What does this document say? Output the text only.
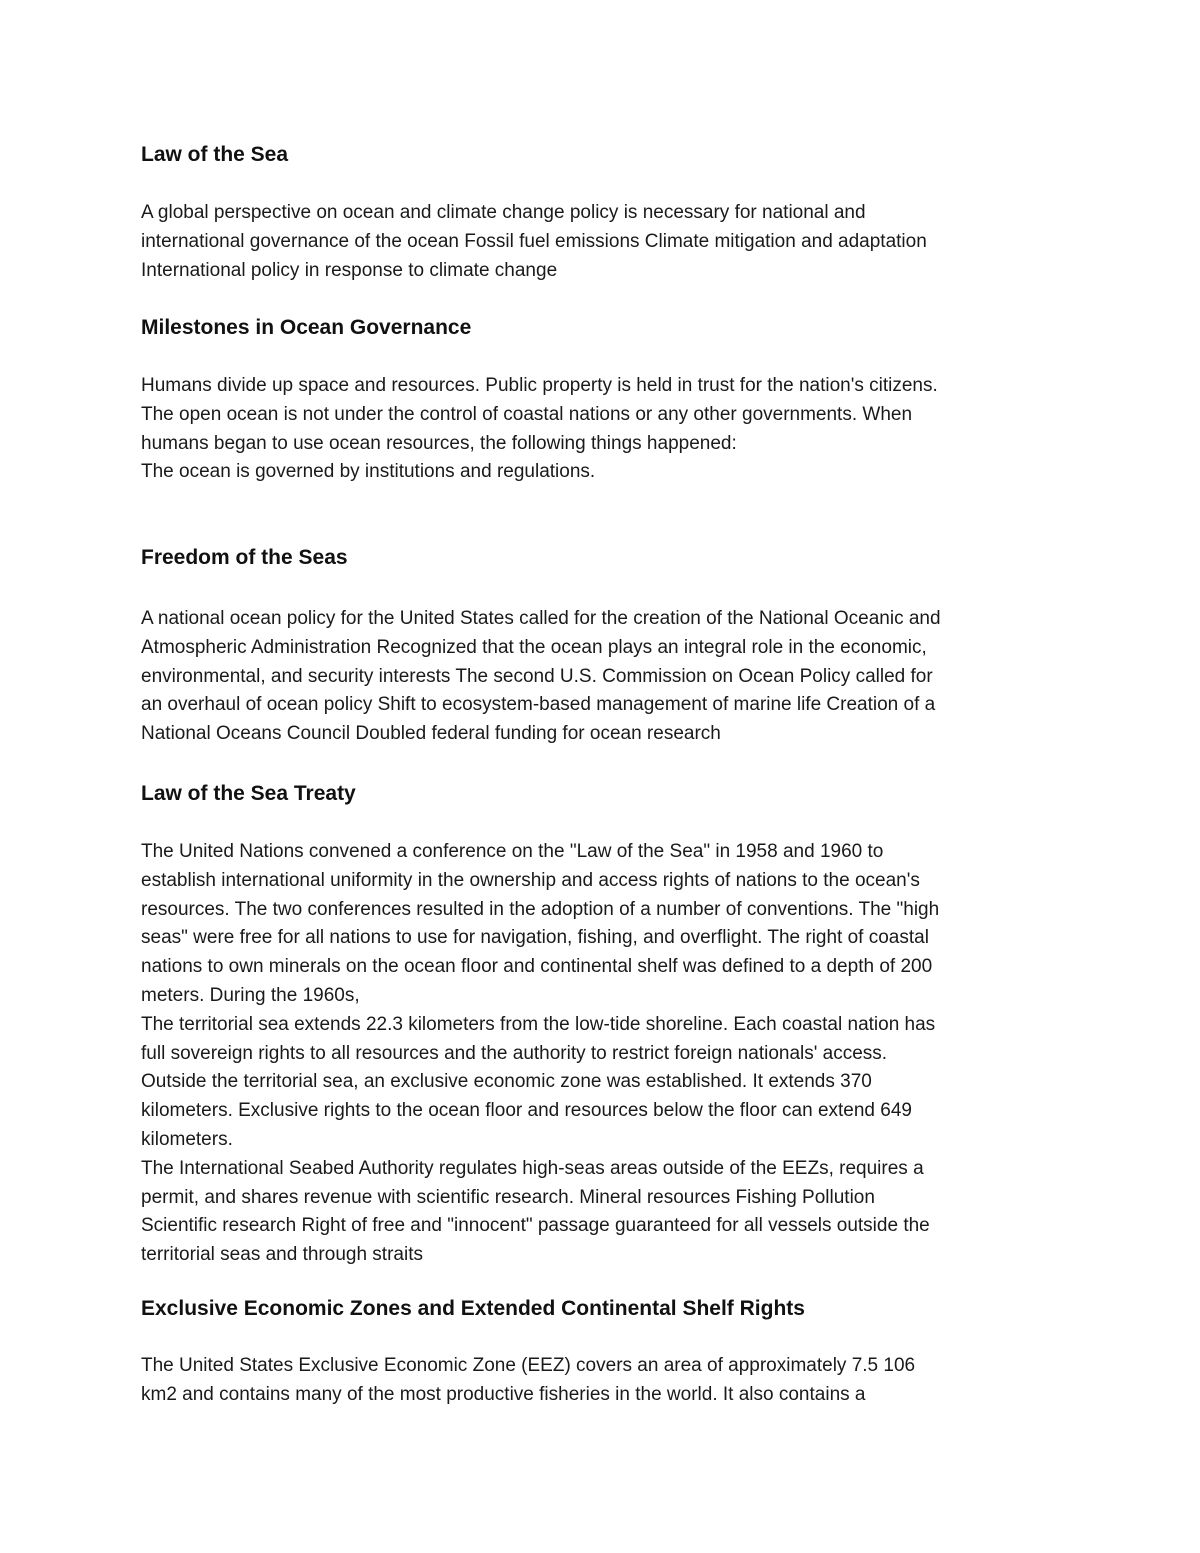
Law of the Sea

A global perspective on ocean and climate change policy is necessary for national and
international governance of the ocean Fossil fuel emissions Climate mitigation and adaptation
International policy in response to climate change

Milestones in Ocean Governance

Humans divide up space and resources. Public property is held in trust for the nation's citizens.
The open ocean is not under the control of coastal nations or any other governments. When
humans began to use ocean resources, the following things happened:
The ocean is governed by institutions and regulations.

Freedom of the Seas

A national ocean policy for the United States called for the creation of the National Oceanic and
Atmospheric Administration Recognized that the ocean plays an integral role in the economic,
environmental, and security interests The second U.S. Commission on Ocean Policy called for
an overhaul of ocean policy Shift to ecosystem-based management of marine life Creation of a
National Oceans Council Doubled federal funding for ocean research

Law of the Sea Treaty

The United Nations convened a conference on the "Law of the Sea" in 1958 and 1960 to
establish international uniformity in the ownership and access rights of nations to the ocean's
resources. The two conferences resulted in the adoption of a number of conventions. The "high
seas" were free for all nations to use for navigation, fishing, and overflight. The right of coastal
nations to own minerals on the ocean floor and continental shelf was defined to a depth of 200
meters. During the 1960s,
The territorial sea extends 22.3 kilometers from the low-tide shoreline. Each coastal nation has
full sovereign rights to all resources and the authority to restrict foreign nationals' access.
Outside the territorial sea, an exclusive economic zone was established. It extends 370
kilometers. Exclusive rights to the ocean floor and resources below the floor can extend 649
kilometers.
The International Seabed Authority regulates high-seas areas outside of the EEZs, requires a
permit, and shares revenue with scientific research. Mineral resources Fishing Pollution
Scientific research Right of free and "innocent" passage guaranteed for all vessels outside the
territorial seas and through straits

Exclusive Economic Zones and Extended Continental Shelf Rights

The United States Exclusive Economic Zone (EEZ) covers an area of approximately 7.5 106
km2 and contains many of the most productive fisheries in the world. It also contains a
